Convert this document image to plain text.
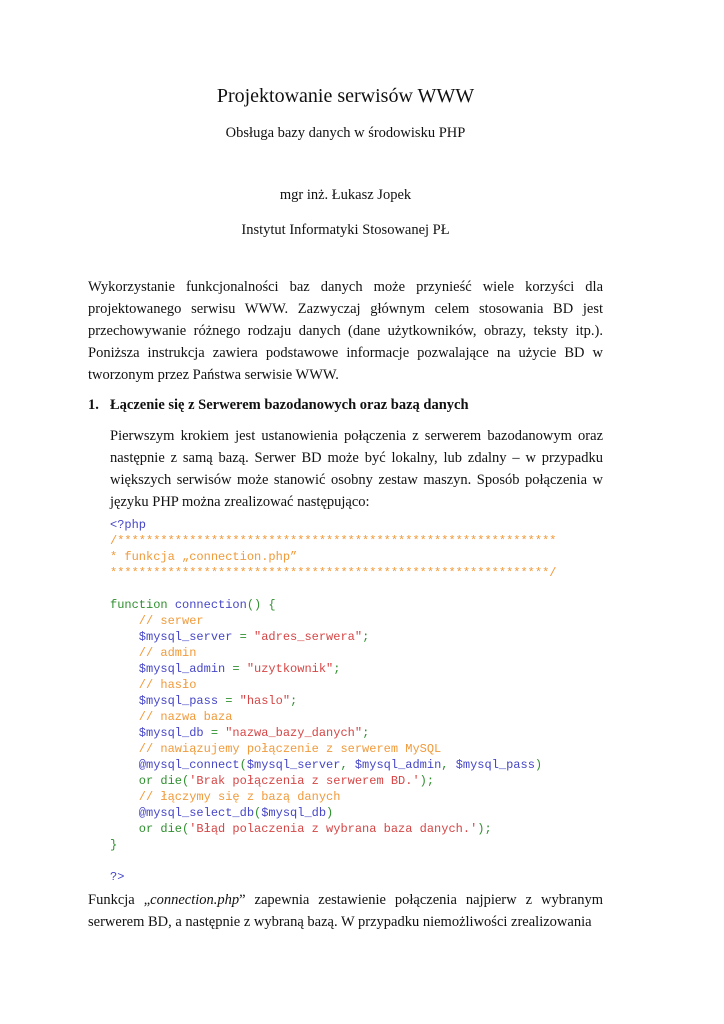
Projektowanie serwisów WWW
Obsługa bazy danych w środowisku PHP
mgr inż. Łukasz Jopek
Instytut Informatyki Stosowanej PŁ

Wykorzystanie funkcjonalności baz danych może przynieść wiele korzyści dla projektowanego serwisu WWW. Zazwyczaj głównym celem stosowania BD jest przechowywanie różnego rodzaju danych (dane użytkowników, obrazy, teksty itp.). Poniższa instrukcja zawiera podstawowe informacje pozwalające na użycie BD w tworzonym przez Państwa serwisie WWW.

1. Łączenie się z Serwerem bazodanowych oraz bazą danych

Pierwszym krokiem jest ustanowienia połączenia z serwerem bazodanowym oraz następnie z samą bazą. Serwer BD może być lokalny, lub zdalny – w przypadku większych serwisów może stanowić osobny zestaw maszyn. Sposób połączenia w języku PHP można zrealizować następująco:

<?php
/*************************************************************
* funkcja „connection.php”
*************************************************************/

function connection() {
// serwer
$mysql_server = "adres_serwera";
// admin
$mysql_admin = "uzytkownik";
// hasło
$mysql_pass = "haslo";
// nazwa baza
$mysql_db = "nazwa_bazy_danych";
// nawiązujemy połączenie z serwerem MySQL
@mysql_connect($mysql_server, $mysql_admin, $mysql_pass)
or die('Brak połączenia z serwerem BD.');
// łączymy się z bazą danych
@mysql_select_db($mysql_db)
or die('Błąd polaczenia z wybrana baza danych.');
}

?>

Funkcja „connection.php” zapewnia zestawienie połączenia najpierw z wybranym serwerem BD, a następnie z wybraną bazą. W przypadku niemożliwości zrealizowania
